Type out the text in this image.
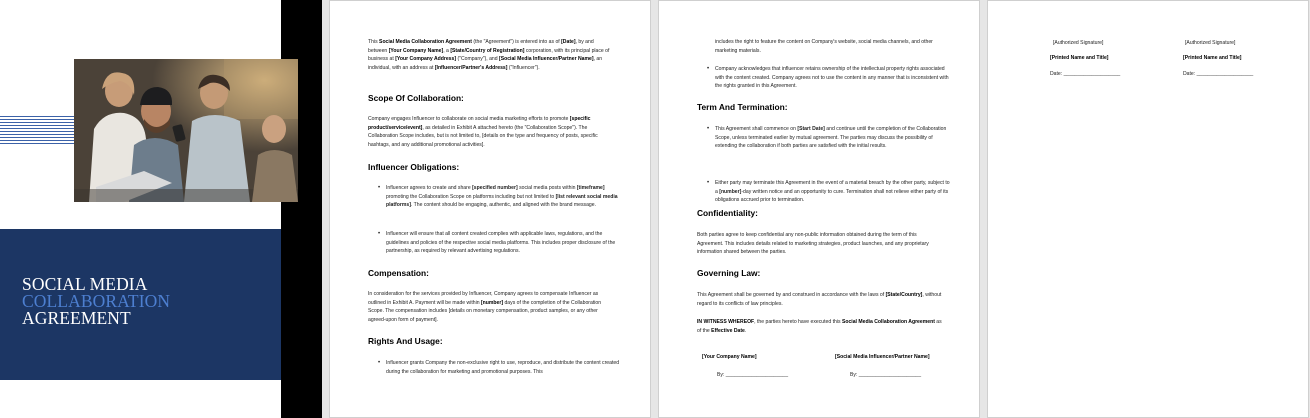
SOCIAL MEDIA
COLLABORATION
AGREEMENT

This Social Media Collaboration Agreement (the "Agreement") is entered into as of [Date], by and between [Your Company Name], a [State/Country of Registration] corporation, with its principal place of business at [Your Company Address] ("Company"), and [Social Media Influencer/Partner Name], an individual, with an address at [Influencer/Partner's Address] ("Influencer").

Scope Of Collaboration:

Company engages Influencer to collaborate on social media marketing efforts to promote [specific product/service/event], as detailed in Exhibit A attached hereto (the "Collaboration Scope"). The Collaboration Scope includes, but is not limited to, [details on the type and frequency of posts, specific hashtags, and any additional promotional activities].

Influencer Obligations:
• Influencer agrees to create and share [specified number] social media posts within [timeframe] promoting the Collaboration Scope on platforms including but not limited to [list relevant social media platforms]. The content should be engaging, authentic, and aligned with the brand message.
• Influencer will ensure that all content created complies with applicable laws, regulations, and the guidelines and policies of the respective social media platforms. This includes proper disclosure of the partnership, as required by relevant advertising regulations.
Compensation:

In consideration for the services provided by Influencer, Company agrees to compensate Influencer as outlined in Exhibit A. Payment will be made within [number] days of the completion of the Collaboration Scope. The compensation includes [details on monetary compensation, product samples, or any other agreed-upon form of payment].

Rights And Usage:
• Influencer grants Company the non-exclusive right to use, reproduce, and distribute the content created during the collaboration for marketing and promotional purposes. This

includes the right to feature the content on Company's website, social media channels, and other marketing materials.

• Company acknowledges that influencer retains ownership of the intellectual property rights associated with the content created. Company agrees not to use the content in any manner that is inconsistent with the rights granted in this Agreement.
Term And Termination:
• This Agreement shall commence on [Start Date] and continue until the completion of the Collaboration Scope, unless terminated earlier by mutual agreement. The parties may discuss the possibility of extending the collaboration if both parties are satisfied with the initial results.
• Either party may terminate this Agreement in the event of a material breach by the other party, subject to a [number]-day written notice and an opportunity to cure. Termination shall not relieve either party of its obligations accrued prior to termination.
Confidentiality:

Both parties agree to keep confidential any non-public information obtained during the term of this Agreement. This includes details related to marketing strategies, product launches, and any proprietary information shared between the parties.

Governing Law:

This Agreement shall be governed by and construed in accordance with the laws of [State/Country], without regard to its conflicts of law principles.

IN WITNESS WHEREOF, the parties hereto have executed this Social Media Collaboration Agreement as of the Effective Date.

[Your Company Name]	[Social Media Influencer/Partner Name]
By: ______________________	By: ______________________
[Authorized Signature]	[Authorized Signature]
[Printed Name and Title]	[Printed Name and Title]
Date: ____________________	Date: ____________________
